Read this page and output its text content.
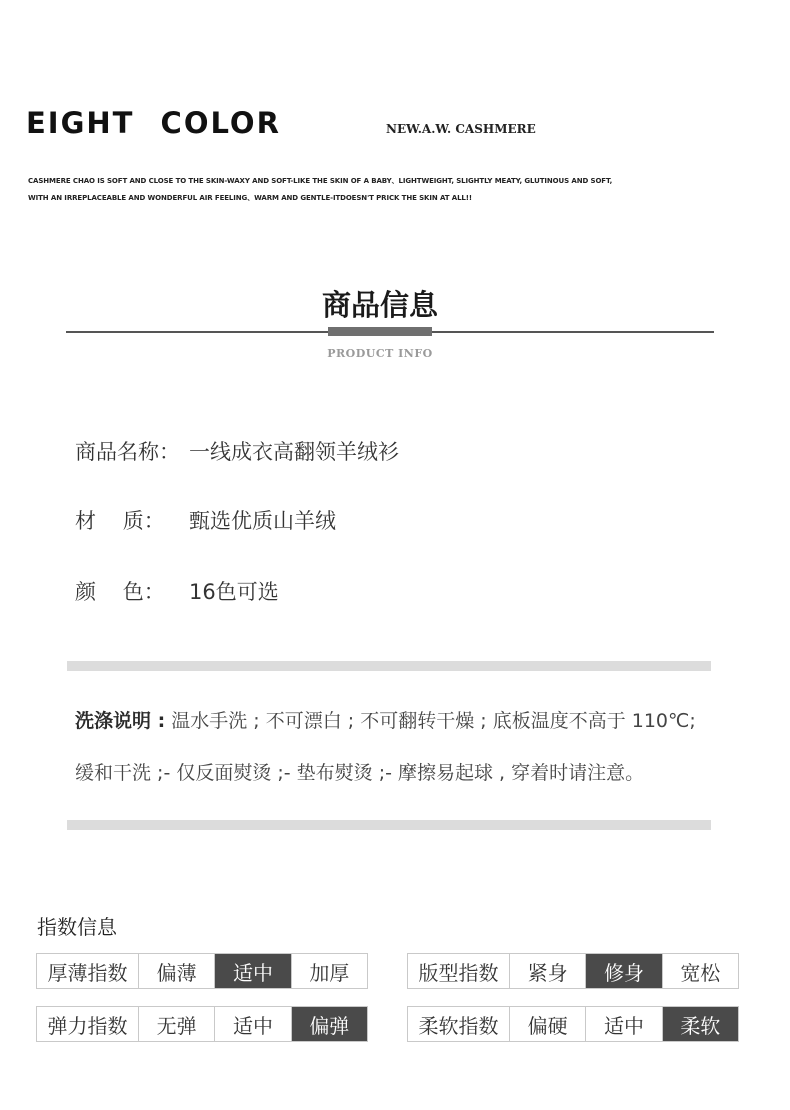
EIGHT COLOR	NEW.A.W. CASHMERE
CASHMERE CHAO IS SOFT AND CLOSE TO THE SKIN-WAXY AND SOFT-LIKE THE SKIN OF A BABY、LIGHTWEIGHT, SLIGHTLY MEATY, GLUTINOUS AND SOFT,
WITH AN IRREPLACEABLE AND WONDERFUL AIR FEELING、WARM AND GENTLE-ITDOESN'T PRICK THE SKIN AT ALL!!
商品信息
PRODUCT INFO
商品名称： 一线成衣高翻领羊绒衫
材    质： 甄选优质山羊绒
颜    色： 16色可选
洗涤说明 : 温水手洗 ; 不可漂白 ; 不可翻转干燥 ; 底板温度不高于 110℃;
缓和干洗 ;- 仅反面熨烫 ;- 垫布熨烫 ;- 摩擦易起球 , 穿着时请注意。
指数信息
厚薄指数	偏薄	适中	加厚	版型指数	紧身	修身	宽松
弹力指数	无弹	适中	偏弹	柔软指数	偏硬	适中	柔软
